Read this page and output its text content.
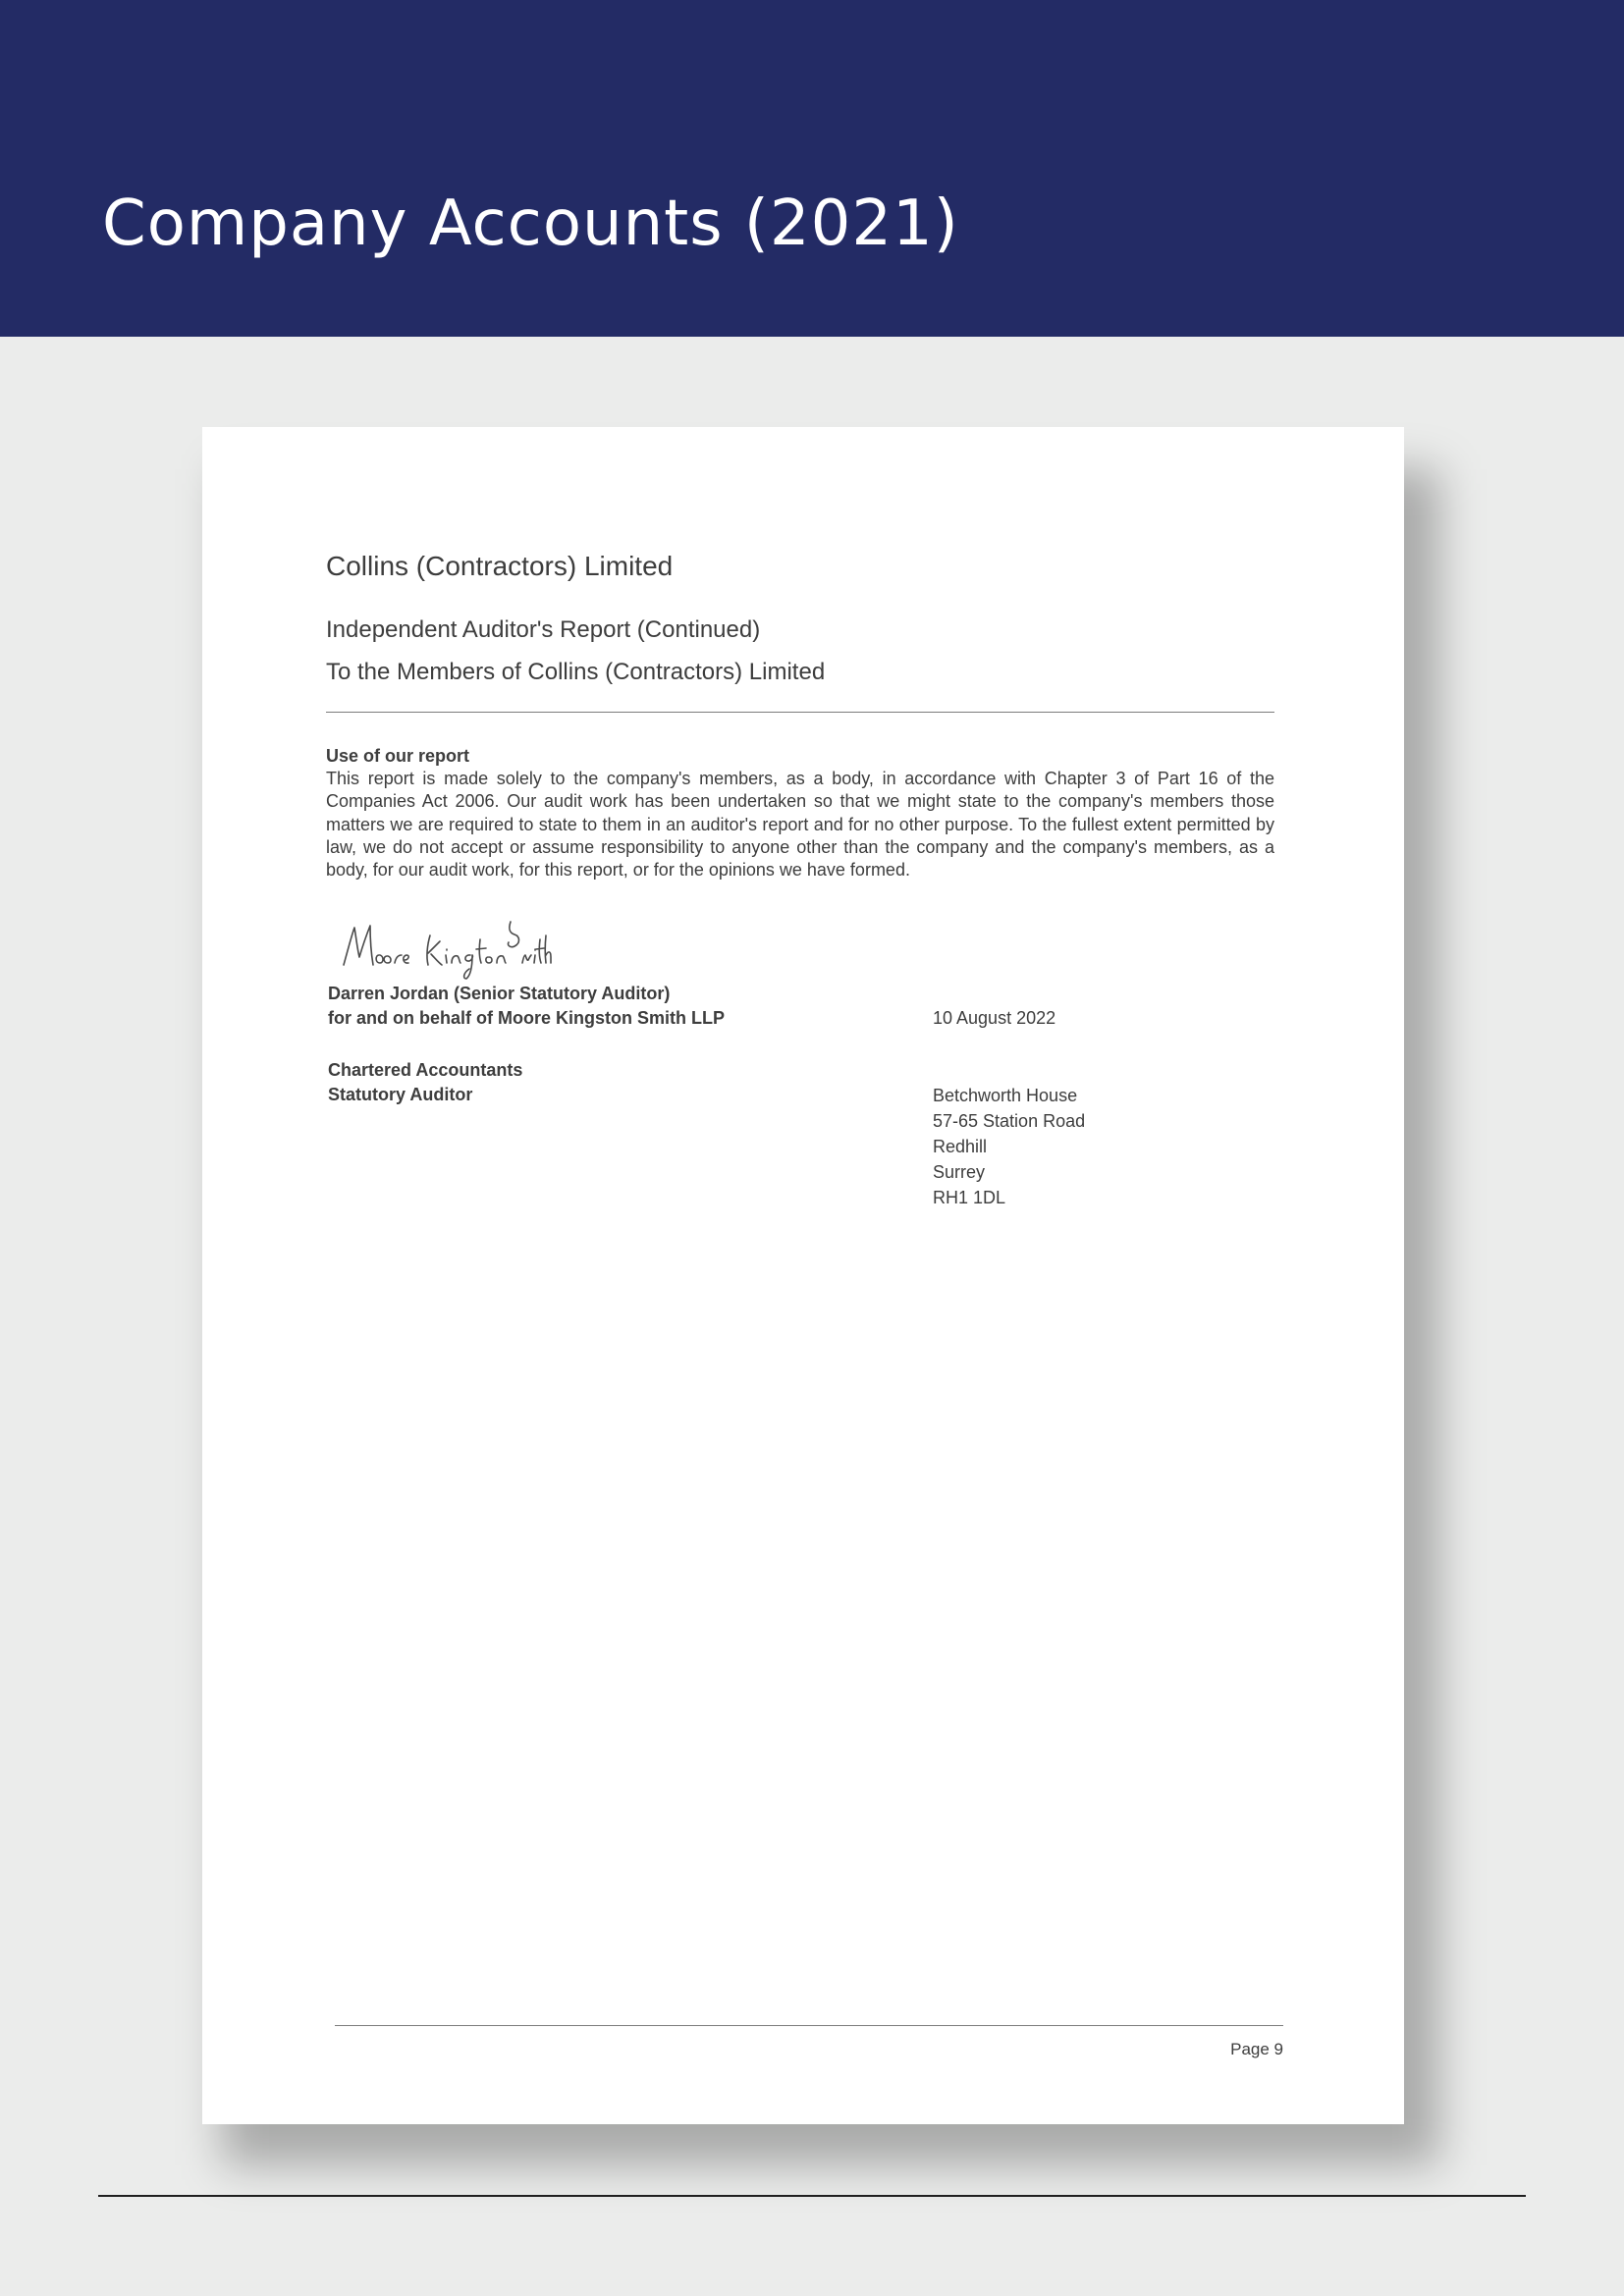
Company Accounts (2021)
Collins (Contractors) Limited
Independent Auditor's Report (Continued)
To the Members of Collins (Contractors) Limited
Use of our report

This report is made solely to the company's members, as a body, in accordance with Chapter 3 of Part 16 of the Companies Act 2006. Our audit work has been undertaken so that we might state to the company's members those matters we are required to state to them in an auditor's report and for no other purpose. To the fullest extent permitted by law, we do not accept or assume responsibility to anyone other than the company and the company's members, as a body, for our audit work, for this report, or for the opinions we have formed.

Darren Jordan (Senior Statutory Auditor)
for and on behalf of Moore Kingston Smith LLP	10 August 2022
Chartered Accountants
Statutory Auditor	Betchworth House
57-65 Station Road
Redhill
Surrey
RH1 1DL
Page 9
